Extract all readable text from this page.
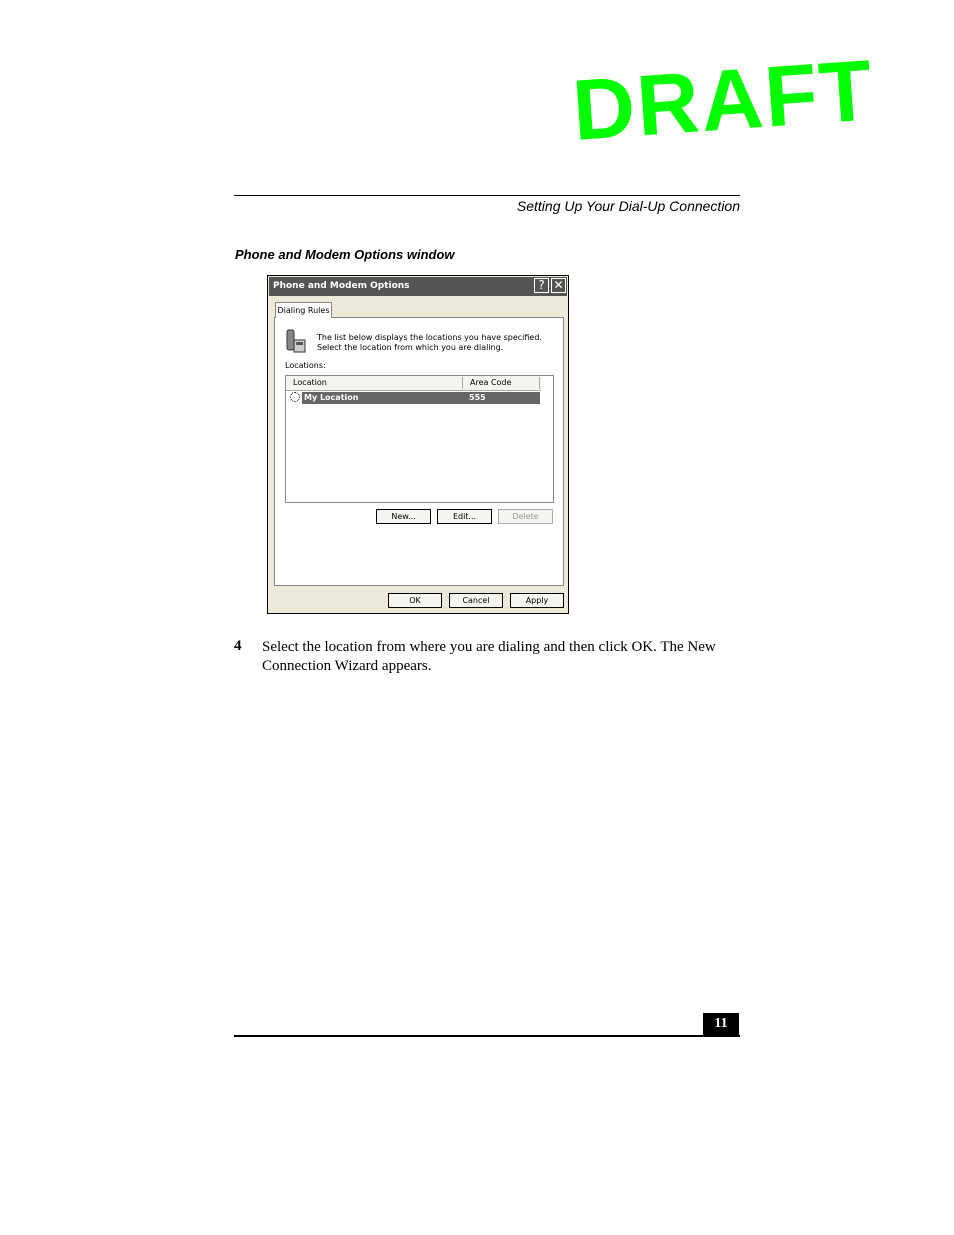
DRAFT
Setting Up Your Dial-Up Connection
Phone and Modem Options window
Phone and Modem Options	? ✕
Dialing Rules
The list below displays the locations you have specified. Select the location from which you are dialing.
Locations:
Location	Area Code
My Location	555
New...	Edit...	Delete
OK	Cancel	Apply
4 Select the location from where you are dialing and then click OK. The New Connection Wizard appears.
11
